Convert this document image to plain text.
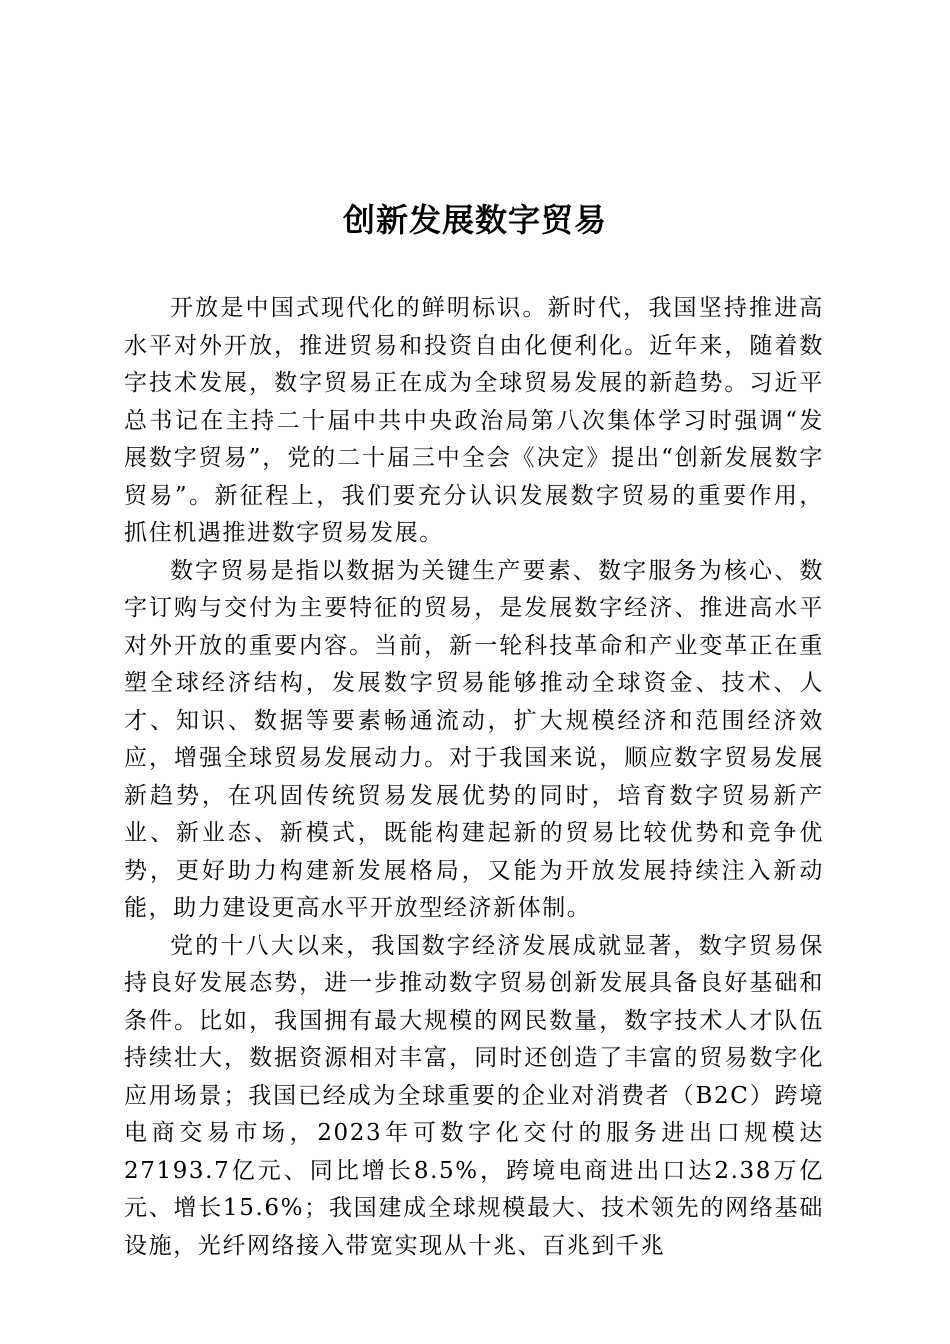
创新发展数字贸易

开放是中国式现代化的鲜明标识。新时代，我国坚持推进高水平对外开放，推进贸易和投资自由化便利化。近年来，随着数字技术发展，数字贸易正在成为全球贸易发展的新趋势。习近平总书记在主持二十届中共中央政治局第八次集体学习时强调“发展数字贸易”，党的二十届三中全会《决定》提出“创新发展数字贸易”。新征程上，我们要充分认识发展数字贸易的重要作用，抓住机遇推进数字贸易发展。

数字贸易是指以数据为关键生产要素、数字服务为核心、数字订购与交付为主要特征的贸易，是发展数字经济、推进高水平对外开放的重要内容。当前，新一轮科技革命和产业变革正在重塑全球经济结构，发展数字贸易能够推动全球资金、技术、人才、知识、数据等要素畅通流动，扩大规模经济和范围经济效应，增强全球贸易发展动力。对于我国来说，顺应数字贸易发展新趋势，在巩固传统贸易发展优势的同时，培育数字贸易新产业、新业态、新模式，既能构建起新的贸易比较优势和竞争优势，更好助力构建新发展格局，又能为开放发展持续注入新动能，助力建设更高水平开放型经济新体制。

党的十八大以来，我国数字经济发展成就显著，数字贸易保持良好发展态势，进一步推动数字贸易创新发展具备良好基础和条件。比如，我国拥有最大规模的网民数量，数字技术人才队伍持续壮大，数据资源相对丰富，同时还创造了丰富的贸易数字化应用场景；我国已经成为全球重要的企业对消费者（B2C）跨境电商交易市场，2023年可数字化交付的服务进出口规模达27193.7亿元、同比增长8.5%，跨境电商进出口达2.38万亿元、增长15.6%；我国建成全球规模最大、技术领先的网络基础设施，光纤网络接入带宽实现从十兆、百兆到千兆
